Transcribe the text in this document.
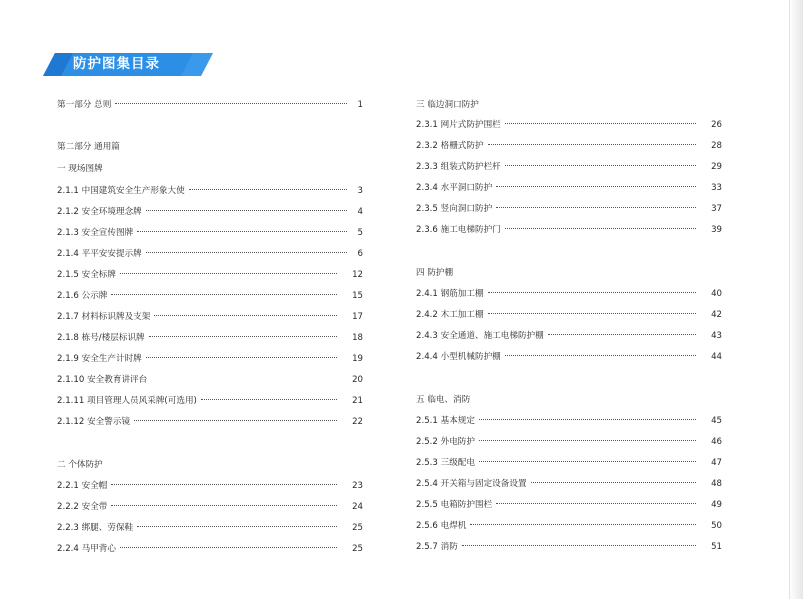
防护图集目录
第一部分 总则	1
第二部分 通用篇
一 现场图牌
2.1.1 中国建筑安全生产形象大使	3
2.1.2 安全环境理念牌	4
2.1.3 安全宣传图牌	5
2.1.4 平平安安提示牌	6
2.1.5 安全标牌	12
2.1.6 公示牌	15
2.1.7 材料标识牌及支架	17
2.1.8 栋号/楼层标识牌	18
2.1.9 安全生产计时牌	19
2.1.10 安全教育讲评台	20
2.1.11 项目管理人员风采牌(可选用)	21
2.1.12 安全警示镜	22
二 个体防护
2.2.1 安全帽	23
2.2.2 安全带	24
2.2.3 绑腿、劳保鞋	25
2.2.4 马甲背心	25
三 临边洞口防护
2.3.1 网片式防护围栏	26
2.3.2 格栅式防护	28
2.3.3 组装式防护栏杆	29
2.3.4 水平洞口防护	33
2.3.5 竖向洞口防护	37
2.3.6 施工电梯防护门	39
四 防护棚
2.4.1 钢筋加工棚	40
2.4.2 木工加工棚	42
2.4.3 安全通道、施工电梯防护棚	43
2.4.4 小型机械防护棚	44
五 临电、消防
2.5.1 基本规定	45
2.5.2 外电防护	46
2.5.3 三级配电	47
2.5.4 开关箱与固定设备设置	48
2.5.5 电箱防护围栏	49
2.5.6 电焊机	50
2.5.7 消防	51
